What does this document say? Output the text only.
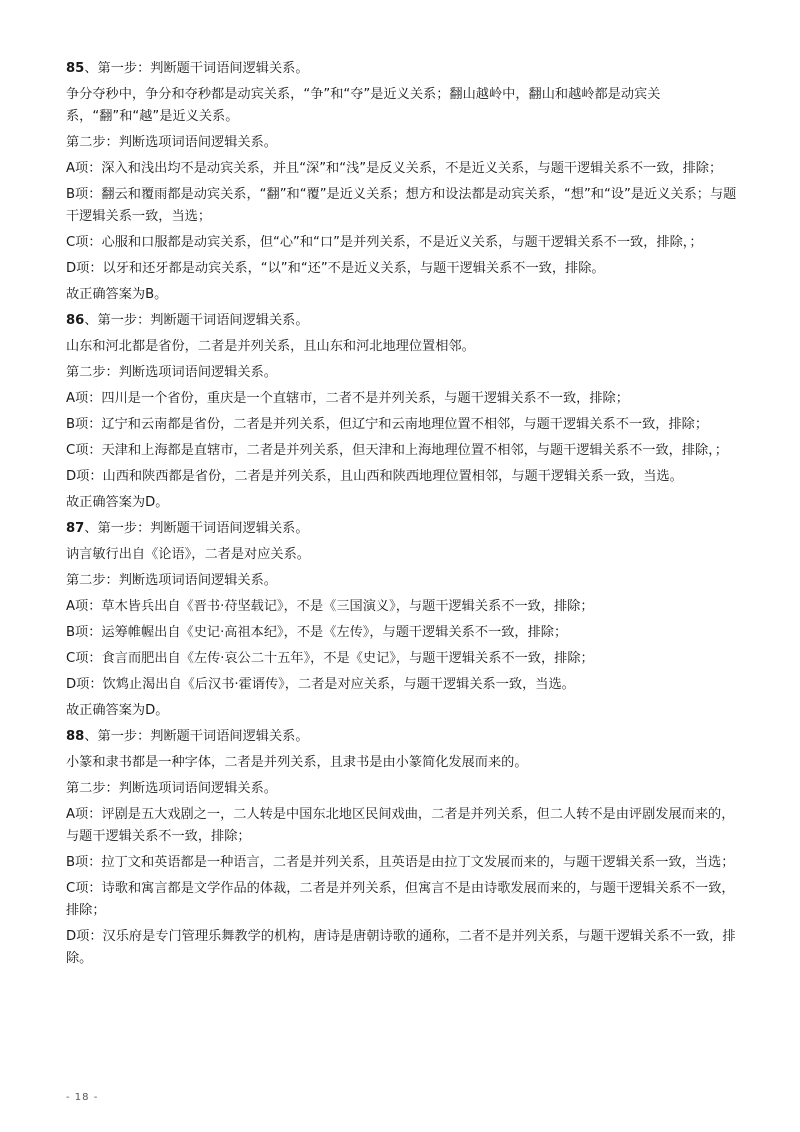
85、第一步：判断题干词语间逻辑关系。
争分夺秒中，争分和夺秒都是动宾关系，“争”和“夺”是近义关系；翻山越岭中，翻山和越岭都是动宾关系，“翻”和“越”是近义关系。
第二步：判断选项词语间逻辑关系。
A项：深入和浅出均不是动宾关系，并且“深”和“浅”是反义关系，不是近义关系，与题干逻辑关系不一致，排除；
B项：翻云和覆雨都是动宾关系，“翻”和“覆”是近义关系；想方和设法都是动宾关系，“想”和“设”是近义关系；与题干逻辑关系一致，当选；
C项：心服和口服都是动宾关系，但“心”和“口”是并列关系，不是近义关系，与题干逻辑关系不一致，排除，；
D项：以牙和还牙都是动宾关系，“以”和“还”不是近义关系，与题干逻辑关系不一致，排除。
故正确答案为B。
86、第一步：判断题干词语间逻辑关系。
山东和河北都是省份，二者是并列关系，且山东和河北地理位置相邻。
第二步：判断选项词语间逻辑关系。
A项：四川是一个省份，重庆是一个直辖市，二者不是并列关系，与题干逻辑关系不一致，排除；
B项：辽宁和云南都是省份，二者是并列关系，但辽宁和云南地理位置不相邻，与题干逻辑关系不一致，排除；
C项：天津和上海都是直辖市，二者是并列关系，但天津和上海地理位置不相邻，与题干逻辑关系不一致，排除，；
D项：山西和陕西都是省份，二者是并列关系，且山西和陕西地理位置相邻，与题干逻辑关系一致，当选。
故正确答案为D。
87、第一步：判断题干词语间逻辑关系。
讷言敏行出自《论语》，二者是对应关系。
第二步：判断选项词语间逻辑关系。
A项：草木皆兵出自《晋书·苻坚载记》，不是《三国演义》，与题干逻辑关系不一致，排除；
B项：运筹帷幄出自《史记·高祖本纪》，不是《左传》，与题干逻辑关系不一致，排除；
C项：食言而肥出自《左传·哀公二十五年》，不是《史记》，与题干逻辑关系不一致，排除；
D项：饮鸩止渴出自《后汉书·霍谞传》，二者是对应关系，与题干逻辑关系一致，当选。
故正确答案为D。
88、第一步：判断题干词语间逻辑关系。
小篆和隶书都是一种字体，二者是并列关系，且隶书是由小篆简化发展而来的。
第二步：判断选项词语间逻辑关系。
A项：评剧是五大戏剧之一，二人转是中国东北地区民间戏曲，二者是并列关系，但二人转不是由评剧发展而来的，与题干逻辑关系不一致，排除；
B项：拉丁文和英语都是一种语言，二者是并列关系，且英语是由拉丁文发展而来的，与题干逻辑关系一致，当选；
C项：诗歌和寓言都是文学作品的体裁，二者是并列关系，但寓言不是由诗歌发展而来的，与题干逻辑关系不一致，排除；
D项：汉乐府是专门管理乐舞教学的机构，唐诗是唐朝诗歌的通称，二者不是并列关系，与题干逻辑关系不一致，排除。
- 18 -
